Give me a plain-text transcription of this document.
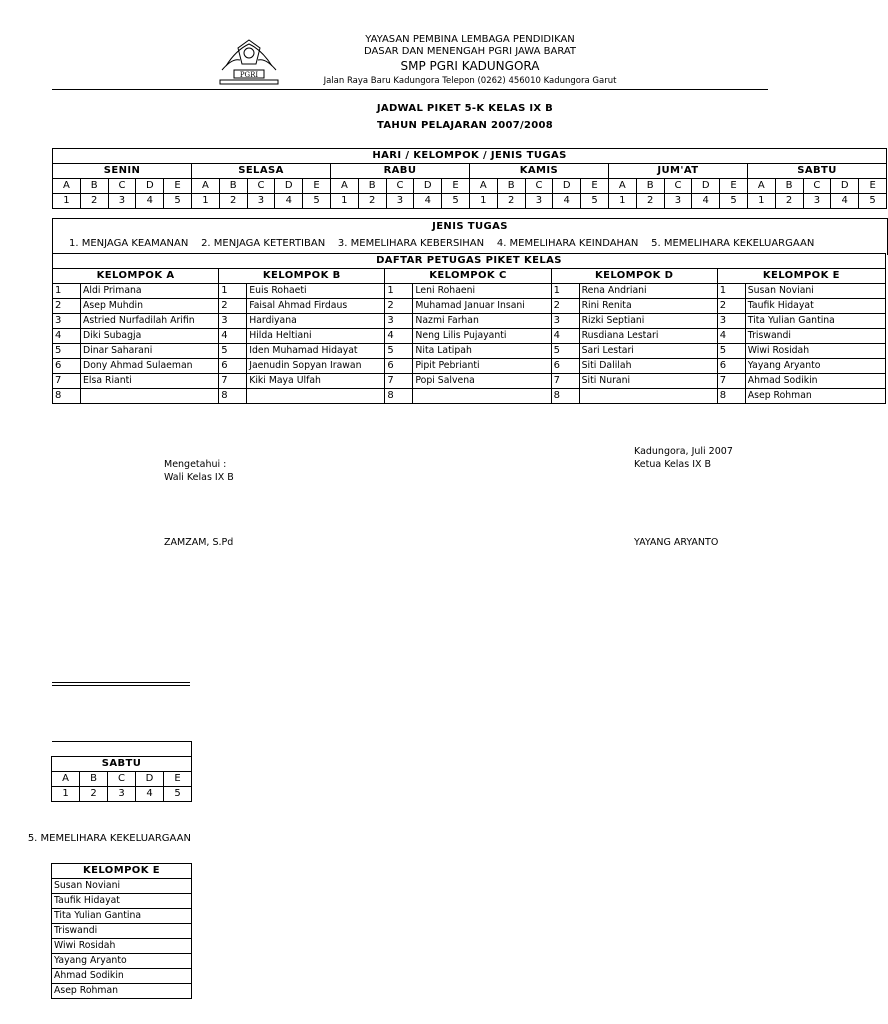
PGRI
YAYASAN PEMBINA LEMBAGA PENDIDIKAN
DASAR DAN MENENGAH PGRI JAWA BARAT
SMP PGRI KADUNGORA
Jalan Raya Baru Kadungora Telepon (0262) 456010 Kadungora Garut
JADWAL PIKET 5-K KELAS IX B
TAHUN PELAJARAN 2007/2008
HARI / KELOMPOK / JENIS TUGAS																													
SENIN					SELASA					RABU					KAMIS					JUM'AT					SABTU				
A	B	C	D	E	A	B	C	D	E	A	B	C	D	E	A	B	C	D	E	A	B	C	D	E	A	B	C	D	E
1	2	3	4	5	1	2	3	4	5	1	2	3	4	5	1	2	3	4	5	1	2	3	4	5	1	2	3	4	5
JENIS TUGAS
1. MENJAGA KEAMANAN 2. MENJAGA KETERTIBAN 3. MEMELIHARA KEBERSIHAN 4. MEMELIHARA KEINDAHAN 5. MEMELIHARA KEKELUARGAAN
DAFTAR PETUGAS PIKET KELAS									
KELOMPOK A		KELOMPOK B		KELOMPOK C		KELOMPOK D		KELOMPOK E	
1	Aldi Primana	1	Euis Rohaeti	1	Leni Rohaeni	1	Rena Andriani	1	Susan Noviani
2	Asep Muhdin	2	Faisal Ahmad Firdaus	2	Muhamad Januar Insani	2	Rini Renita	2	Taufik Hidayat
3	Astried Nurfadilah Arifin	3	Hardiyana	3	Nazmi Farhan	3	Rizki Septiani	3	Tita Yulian Gantina
4	Diki Subagja	4	Hilda Heltiani	4	Neng Lilis Pujayanti	4	Rusdiana Lestari	4	Triswandi
5	Dinar Saharani	5	Iden Muhamad Hidayat	5	Nita Latipah	5	Sari Lestari	5	Wiwi Rosidah
6	Dony Ahmad Sulaeman	6	Jaenudin Sopyan Irawan	6	Pipit Pebrianti	6	Siti Dalilah	6	Yayang Aryanto
7	Elsa Rianti	7	Kiki Maya Ulfah	7	Popi Salvena	7	Siti Nurani	7	Ahmad Sodikin
8		8		8		8		8	Asep Rohman
Kadungora, Juli 2007
Ketua Kelas IX B
Mengetahui :
Wali Kelas IX B
ZAMZAM, S.Pd	YAYANG ARYANTO

SABTU				
A	B	C	D	E
1	2	3	4	5
5. MEMELIHARA KEKELUARGAAN
KELOMPOK E
Susan Noviani
Taufik Hidayat
Tita Yulian Gantina
Triswandi
Wiwi Rosidah
Yayang Aryanto
Ahmad Sodikin
Asep Rohman
